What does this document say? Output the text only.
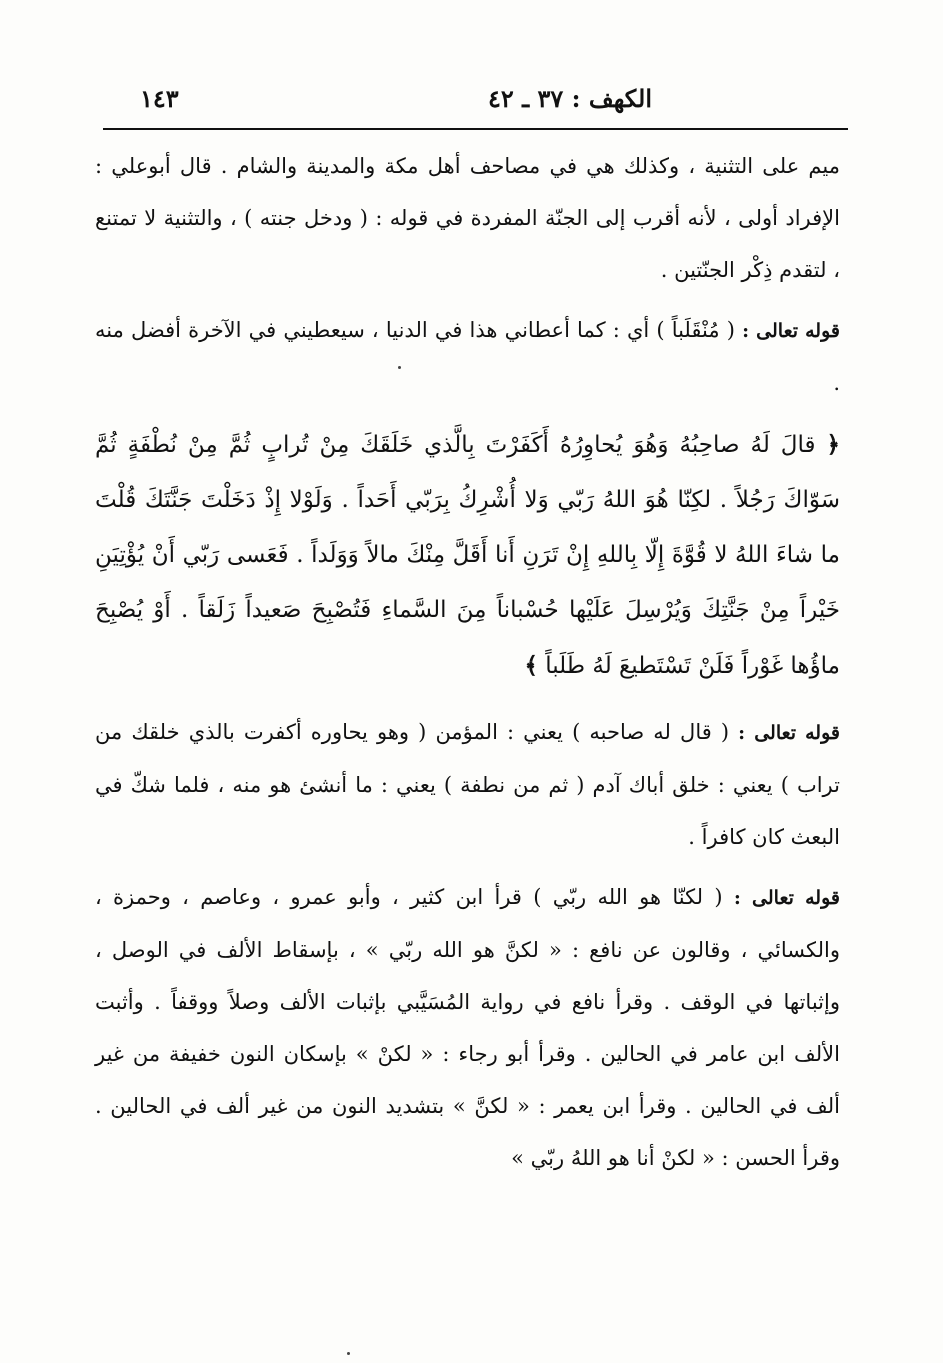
١٤٣	الكهف : ٣٧ ـ ٤٢

ميم على التثنية ، وكذلك هي في مصاحف أهل مكة والمدينة والشام . قال أبوعلي : الإفراد أولى ، لأنه أقرب إلى الجنّة المفردة في قوله : ( ودخل جنته ) ، والتثنية لا تمتنع ، لتقدم ذِكْر الجنّتين .

قوله تعالى : ( مُنْقَلَباً ) أي : كما أعطاني هذا في الدنيا ، سيعطيني في الآخرة أفضل منه .

﴿ قالَ لَهُ صاحِبُهُ وَهُوَ يُحاوِرُهُ أَكَفَرْتَ بِالَّذي خَلَقَكَ مِنْ تُرابٍ ثُمَّ مِنْ نُطْفَةٍ ثُمَّ سَوّاكَ رَجُلاً . لكِنّا هُوَ اللهُ رَبّي وَلا أُشْرِكُ بِرَبّي أَحَداً . وَلَوْلا إِذْ دَخَلْتَ جَنَّتَكَ قُلْتَ ما شاءَ اللهُ لا قُوَّةَ إِلّا بِاللهِ إِنْ تَرَنِ أَنا أَقَلَّ مِنْكَ مالاً وَوَلَداً . فَعَسى رَبّي أَنْ يُؤْتِيَنِ خَيْراً مِنْ جَنَّتِكَ وَيُرْسِلَ عَلَيْها حُسْباناً مِنَ السَّماءِ فَتُصْبِحَ صَعيداً زَلَقاً . أَوْ يُصْبِحَ ماؤُها غَوْراً فَلَنْ تَسْتَطيعَ لَهُ طَلَباً ﴾

قوله تعالى : ( قال له صاحبه ) يعني : المؤمن ( وهو يحاوره أكفرت بالذي خلقك من تراب ) يعني : خلق أباك آدم ( ثم من نطفة ) يعني : ما أنشئ هو منه ، فلما شكّ في البعث كان كافراً .

قوله تعالى : ( لكنّا هو الله ربّي ) قرأ ابن كثير ، وأبو عمرو ، وعاصم ، وحمزة ، والكسائي ، وقالون عن نافع : « لكنَّ هو الله ربّي » ، بإسقاط الألف في الوصل ، وإثباتها في الوقف . وقرأ نافع في رواية المُسَيَّبي بإثبات الألف وصلاً ووقفاً . وأثبت الألف ابن عامر في الحالين . وقرأ أبو رجاء : « لكنْ » بإسكان النون خفيفة من غير ألف في الحالين . وقرأ ابن يعمر : « لكنَّ » بتشديد النون من غير ألف في الحالين . وقرأ الحسن : « لكنْ أنا هو اللهُ ربّي »
